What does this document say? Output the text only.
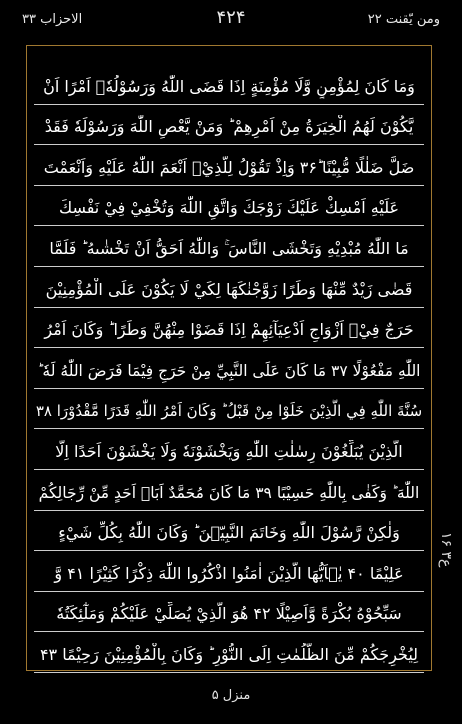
الاحزاب ۳۳	۴۲۴	ومن یّقنت ۲۲
وَمَا كَانَ لِمُؤْمِنٍ وَّلَا مُؤْمِنَةٍ اِذَا قَضَى اللّٰهُ وَرَسُوْلُهٗۤ اَمْرًا اَنْ
يَّكُوْنَ لَهُمُ الْخِيَرَةُ مِنْ اَمْرِهِمْ ؕ وَمَنْ يَّعْصِ اللّٰهَ وَرَسُوْلَهٗ فَقَدْ
ضَلَّ ضَلٰلًا مُّبِيْنًا ؕ۳۶ وَاِذْ تَقُوْلُ لِلَّذِيْۤ اَنْعَمَ اللّٰهُ عَلَيْهِ وَاَنْعَمْتَ
عَلَيْهِ اَمْسِكْ عَلَيْكَ زَوْجَكَ وَاتَّقِ اللّٰهَ وَتُخْفِيْ فِيْ نَفْسِكَ
مَا اللّٰهُ مُبْدِيْهِ وَتَخْشَى النَّاسَ ۚ وَاللّٰهُ اَحَقُّ اَنْ تَخْشٰىهُ ؕ فَلَمَّا
قَضٰى زَيْدٌ مِّنْهَا وَطَرًا زَوَّجْنٰكَهَا لِكَيْ لَا يَكُوْنَ عَلَى الْمُؤْمِنِيْنَ
حَرَجٌ فِيْۤ اَزْوَاجِ اَدْعِيَآئِهِمْ اِذَا قَضَوْا مِنْهُنَّ وَطَرًا ؕ وَكَانَ اَمْرُ
اللّٰهِ مَفْعُوْلًا ۳۷ مَا كَانَ عَلَى النَّبِيِّ مِنْ حَرَجٍ فِيْمَا فَرَضَ اللّٰهُ لَهٗ ؕ
سُنَّةَ اللّٰهِ فِي الَّذِيْنَ خَلَوْا مِنْ قَبْلُ ؕ وَكَانَ اَمْرُ اللّٰهِ قَدَرًا مَّقْدُوْرَا ۳۸
الَّذِيْنَ يُبَلِّغُوْنَ رِسٰلٰتِ اللّٰهِ وَيَخْشَوْنَهٗ وَلَا يَخْشَوْنَ اَحَدًا اِلَّا
اللّٰهَ ؕ وَكَفٰى بِاللّٰهِ حَسِيْبًا ۳۹ مَا كَانَ مُحَمَّدٌ اَبَاۤ اَحَدٍ مِّنْ رِّجَالِكُمْ
وَلٰكِنْ رَّسُوْلَ اللّٰهِ وَخَاتَمَ النَّبِيّٖنَ ؕ وَكَانَ اللّٰهُ بِكُلِّ شَيْءٍ
عَلِيْمًا ۴۰ يٰۤاَيُّهَا الَّذِيْنَ اٰمَنُوا اذْكُرُوا اللّٰهَ ذِكْرًا كَثِيْرًا ۴۱ وَّ
سَبِّحُوْهُ بُكْرَةً وَّاَصِيْلًا ۴۲ هُوَ الَّذِيْ يُصَلِّيْ عَلَيْكُمْ وَمَلٰٓئِكَتُهٗ
لِيُخْرِجَكُمْ مِّنَ الظُّلُمٰتِ اِلَى النُّوْرِ ؕ وَكَانَ بِالْمُؤْمِنِيْنَ رَحِيْمًا ۴۳
ع۳ ۱۶
منزل ۵
